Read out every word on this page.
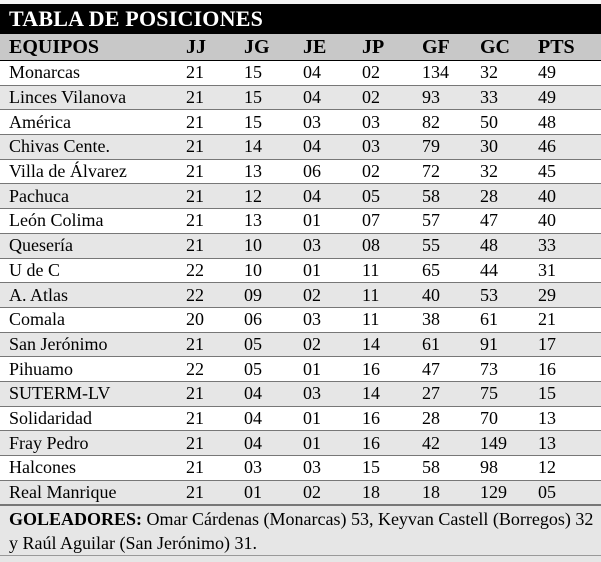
TABLA DE POSICIONES
EQUIPOS	JJ	JG	JE	JP	GF	GC	PTS
Monarcas	21	15	04	02	134	32	49
Linces Vilanova	21	15	04	02	93	33	49
América	21	15	03	03	82	50	48
Chivas Cente.	21	14	04	03	79	30	46
Villa de Álvarez	21	13	06	02	72	32	45
Pachuca	21	12	04	05	58	28	40
León Colima	21	13	01	07	57	47	40
Quesería	21	10	03	08	55	48	33
U de C	22	10	01	11	65	44	31
A. Atlas	22	09	02	11	40	53	29
Comala	20	06	03	11	38	61	21
San Jerónimo	21	05	02	14	61	91	17
Pihuamo	22	05	01	16	47	73	16
SUTERM-LV	21	04	03	14	27	75	15
Solidaridad	21	04	01	16	28	70	13
Fray Pedro	21	04	01	16	42	149	13
Halcones	21	03	03	15	58	98	12
Real Manrique	21	01	02	18	18	129	05
GOLEADORES: Omar Cárdenas (Monarcas) 53, Keyvan Castell (Borregos) 32 y Raúl Aguilar (San Jerónimo) 31.
